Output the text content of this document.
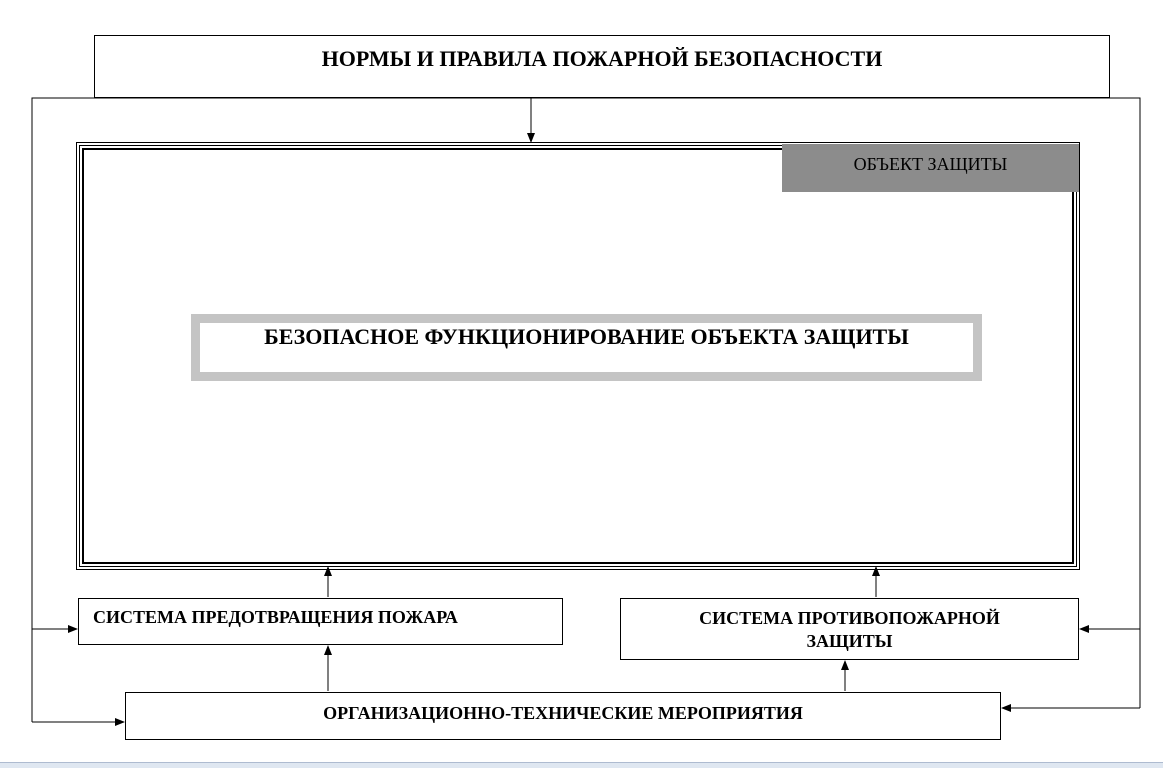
НОРМЫ И ПРАВИЛА ПОЖАРНОЙ БЕЗОПАСНОСТИ
ОБЪЕКТ ЗАЩИТЫ
БЕЗОПАСНОЕ ФУНКЦИОНИРОВАНИЕ ОБЪЕКТА ЗАЩИТЫ
СИСТЕМА ПРЕДОТВРАЩЕНИЯ ПОЖАРА	СИСТЕМА ПРОТИВОПОЖАРНОЙ
ЗАЩИТЫ
ОРГАНИЗАЦИОННО-ТЕХНИЧЕСКИЕ МЕРОПРИЯТИЯ
